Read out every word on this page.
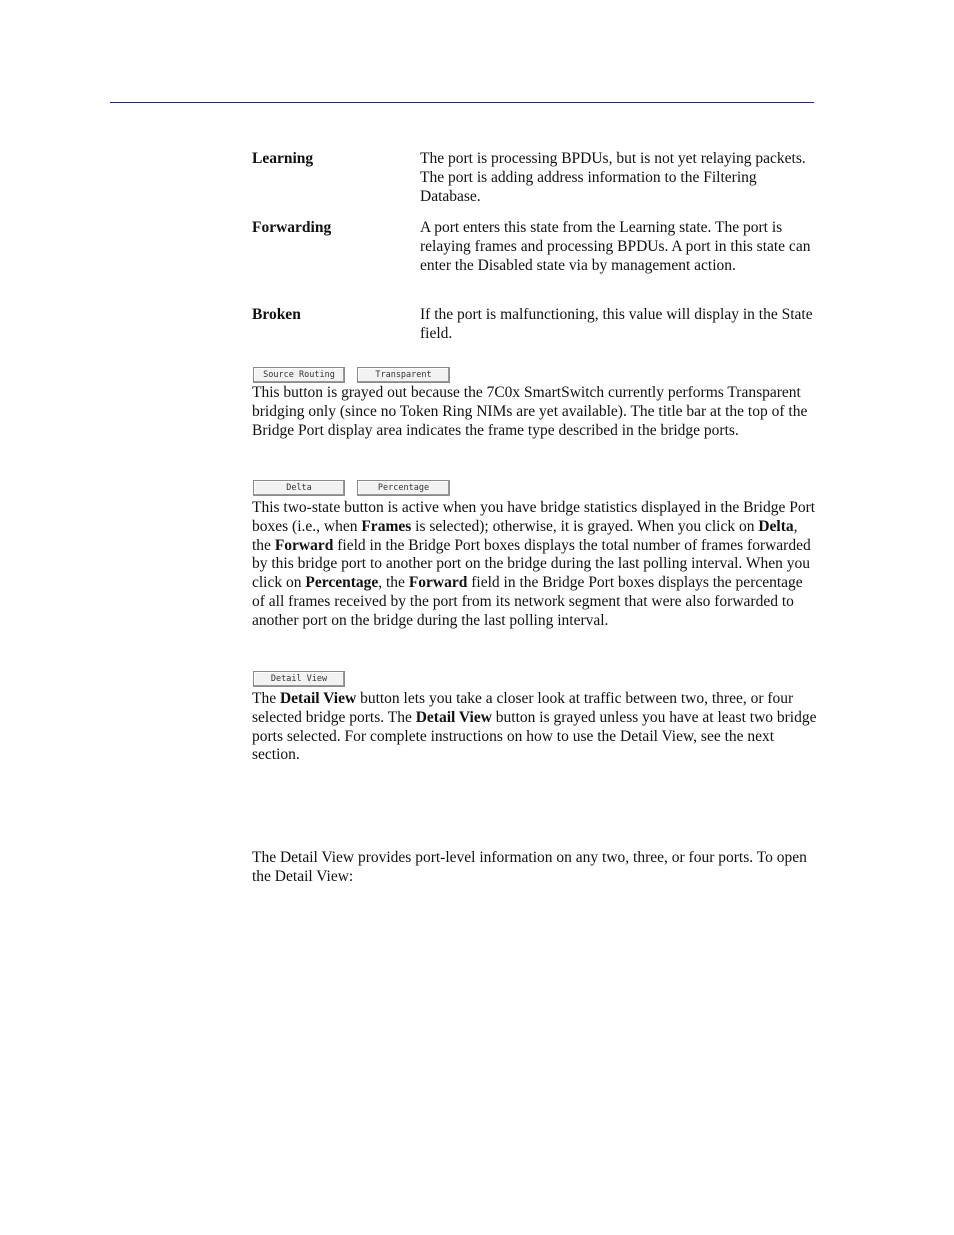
Learning	The port is processing BPDUs, but is not yet relaying packets. The port is adding address information to the Filtering Database.
Forwarding	A port enters this state from the Learning state. The port is relaying frames and processing BPDUs. A port in this state can enter the Disabled state via by management action.
Broken	If the port is malfunctioning, this value will display in the State field.
Source Routing	Transparent
This button is grayed out because the 7C0x SmartSwitch currently performs Transparent bridging only (since no Token Ring NIMs are yet available). The title bar at the top of the Bridge Port display area indicates the frame type described in the bridge ports.
Delta	Percentage
This two-state button is active when you have bridge statistics displayed in the Bridge Port boxes (i.e., when Frames is selected); otherwise, it is grayed. When you click on Delta, the Forward field in the Bridge Port boxes displays the total number of frames forwarded by this bridge port to another port on the bridge during the last polling interval. When you click on Percentage, the Forward field in the Bridge Port boxes displays the percentage of all frames received by the port from its network segment that were also forwarded to another port on the bridge during the last polling interval.
Detail View
The Detail View button lets you take a closer look at traffic between two, three, or four selected bridge ports. The Detail View button is grayed unless you have at least two bridge ports selected. For complete instructions on how to use the Detail View, see the next section.
The Detail View provides port-level information on any two, three, or four ports. To open the Detail View:
